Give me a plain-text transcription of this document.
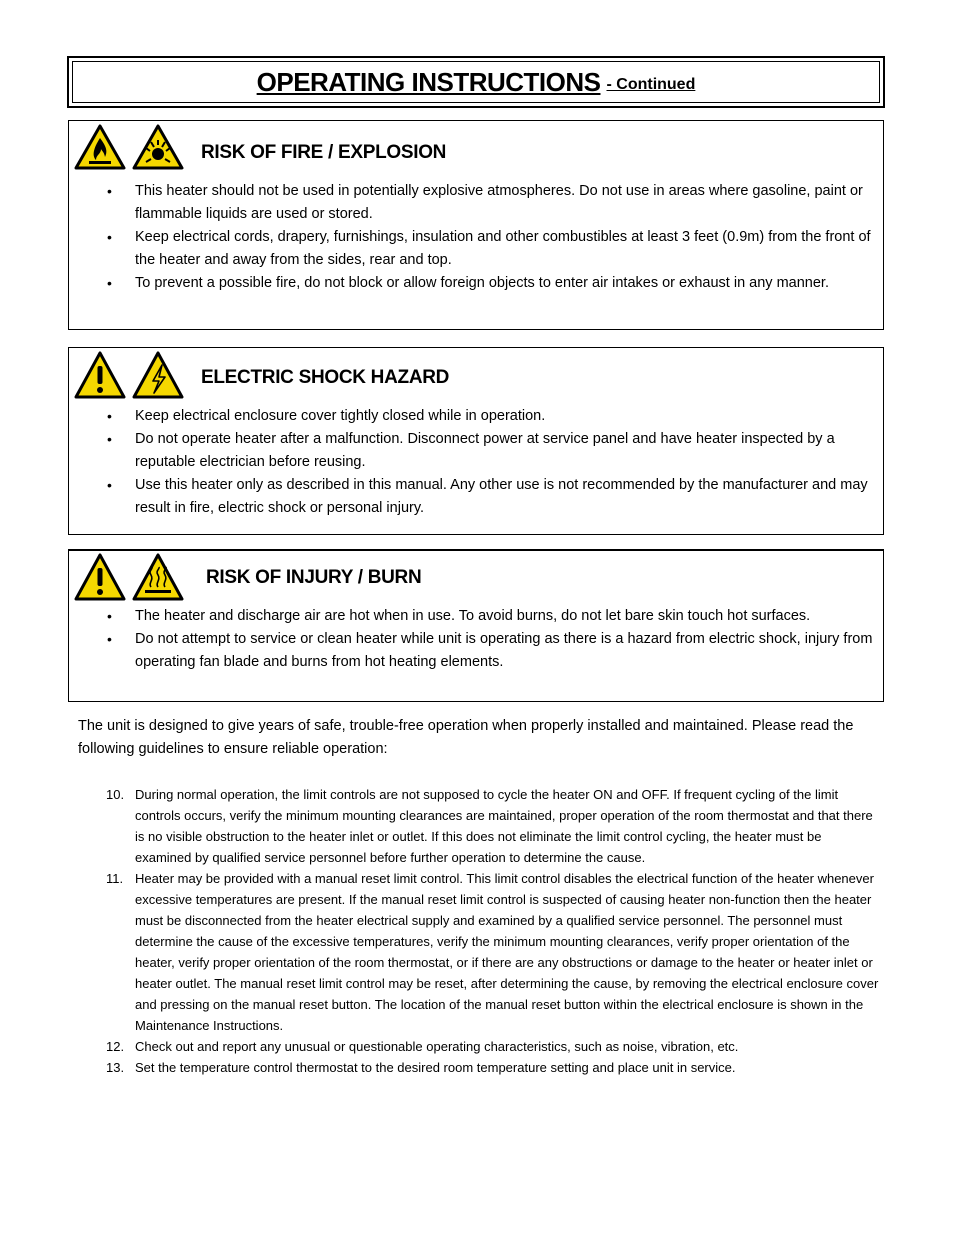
OPERATING INSTRUCTIONS - Continued
RISK OF FIRE / EXPLOSION
• This heater should not be used in potentially explosive atmospheres. Do not use in areas where gasoline, paint or flammable liquids are used or stored.
• Keep electrical cords, drapery, furnishings, insulation and other combustibles at least 3 feet (0.9m) from the front of the heater and away from the sides, rear and top.
• To prevent a possible fire, do not block or allow foreign objects to enter air intakes or exhaust in any manner.
ELECTRIC SHOCK HAZARD
• Keep electrical enclosure cover tightly closed while in operation.
• Do not operate heater after a malfunction. Disconnect power at service panel and have heater inspected by a reputable electrician before reusing.
• Use this heater only as described in this manual. Any other use is not recommended by the manufacturer and may result in fire, electric shock or personal injury.
RISK OF INJURY / BURN
• The heater and discharge air are hot when in use. To avoid burns, do not let bare skin touch hot surfaces.
• Do not attempt to service or clean heater while unit is operating as there is a hazard from electric shock, injury from operating fan blade and burns from hot heating elements.
The unit is designed to give years of safe, trouble-free operation when properly installed and maintained. Please read the following guidelines to ensure reliable operation:
10. During normal operation, the limit controls are not supposed to cycle the heater ON and OFF. If frequent cycling of the limit controls occurs, verify the minimum mounting clearances are maintained, proper operation of the room thermostat and that there is no visible obstruction to the heater inlet or outlet. If this does not eliminate the limit control cycling, the heater must be examined by qualified service personnel before further operation to determine the cause.
11. Heater may be provided with a manual reset limit control. This limit control disables the electrical function of the heater whenever excessive temperatures are present. If the manual reset limit control is suspected of causing heater non-function then the heater must be disconnected from the heater electrical supply and examined by a qualified service personnel. The personnel must determine the cause of the excessive temperatures, verify the minimum mounting clearances, verify proper orientation of the heater, verify proper orientation of the room thermostat, or if there are any obstructions or damage to the heater or heater inlet or heater outlet. The manual reset limit control may be reset, after determining the cause, by removing the electrical enclosure cover and pressing on the manual reset button. The location of the manual reset button within the electrical enclosure is shown in the Maintenance Instructions.
12. Check out and report any unusual or questionable operating characteristics, such as noise, vibration, etc.
13. Set the temperature control thermostat to the desired room temperature setting and place unit in service.
